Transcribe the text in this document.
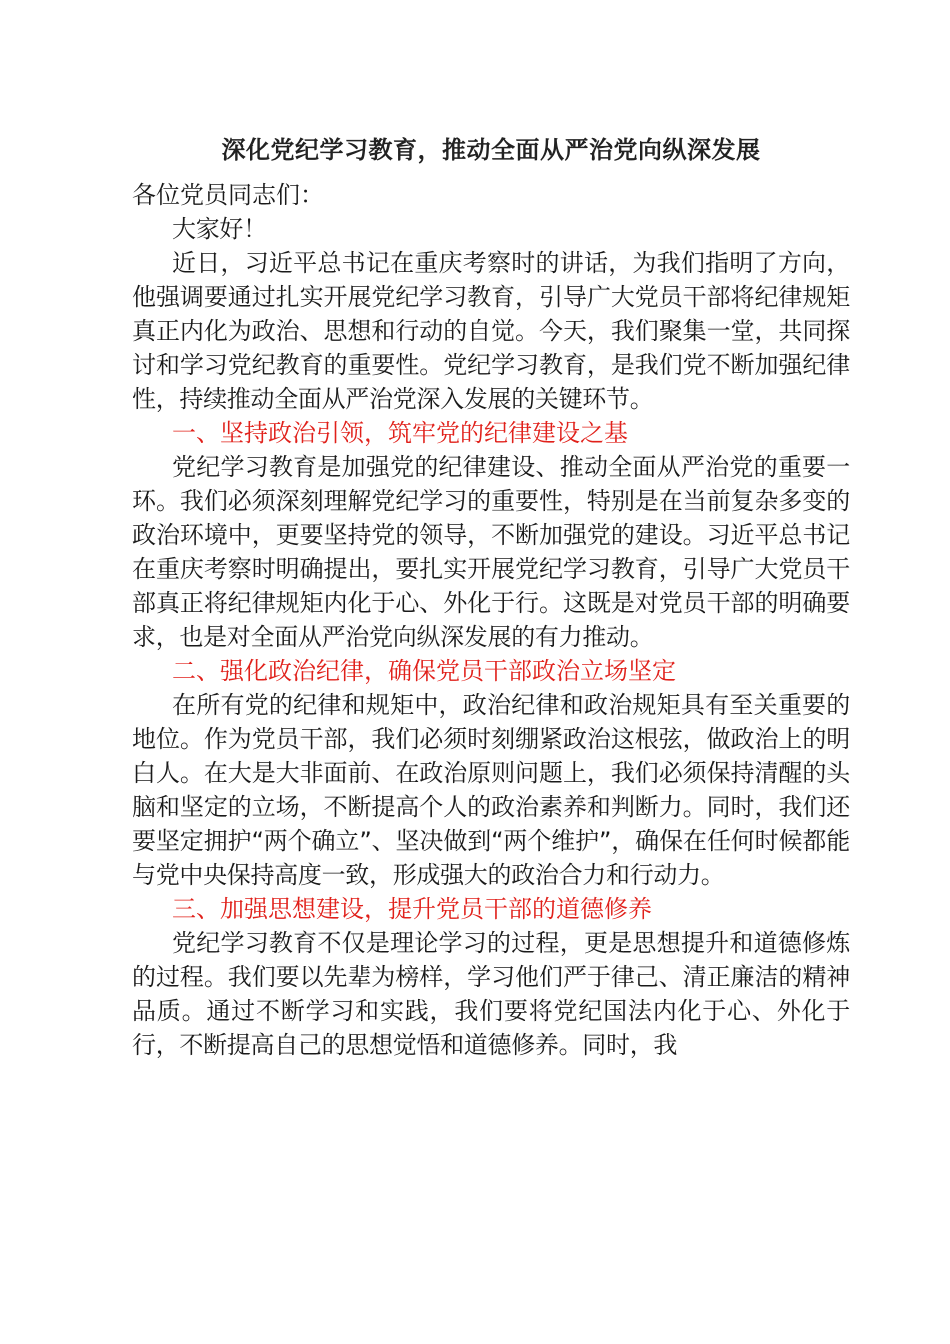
深化党纪学习教育，推动全面从严治党向纵深发展

各位党员同志们：

大家好！

近日，习近平总书记在重庆考察时的讲话，为我们指明了方向，他强调要通过扎实开展党纪学习教育，引导广大党员干部将纪律规矩真正内化为政治、思想和行动的自觉。今天，我们聚集一堂，共同探讨和学习党纪教育的重要性。党纪学习教育，是我们党不断加强纪律性，持续推动全面从严治党深入发展的关键环节。

一、坚持政治引领，筑牢党的纪律建设之基

党纪学习教育是加强党的纪律建设、推动全面从严治党的重要一环。我们必须深刻理解党纪学习的重要性，特别是在当前复杂多变的政治环境中，更要坚持党的领导，不断加强党的建设。习近平总书记在重庆考察时明确提出，要扎实开展党纪学习教育，引导广大党员干部真正将纪律规矩内化于心、外化于行。这既是对党员干部的明确要求，也是对全面从严治党向纵深发展的有力推动。

二、强化政治纪律，确保党员干部政治立场坚定

在所有党的纪律和规矩中，政治纪律和政治规矩具有至关重要的地位。作为党员干部，我们必须时刻绷紧政治这根弦，做政治上的明白人。在大是大非面前、在政治原则问题上，我们必须保持清醒的头脑和坚定的立场，不断提高个人的政治素养和判断力。同时，我们还要坚定拥护“两个确立”、坚决做到“两个维护”，确保在任何时候都能与党中央保持高度一致，形成强大的政治合力和行动力。

三、加强思想建设，提升党员干部的道德修养

党纪学习教育不仅是理论学习的过程，更是思想提升和道德修炼的过程。我们要以先辈为榜样，学习他们严于律己、清正廉洁的精神品质。通过不断学习和实践，我们要将党纪国法内化于心、外化于行，不断提高自己的思想觉悟和道德修养。同时，我
